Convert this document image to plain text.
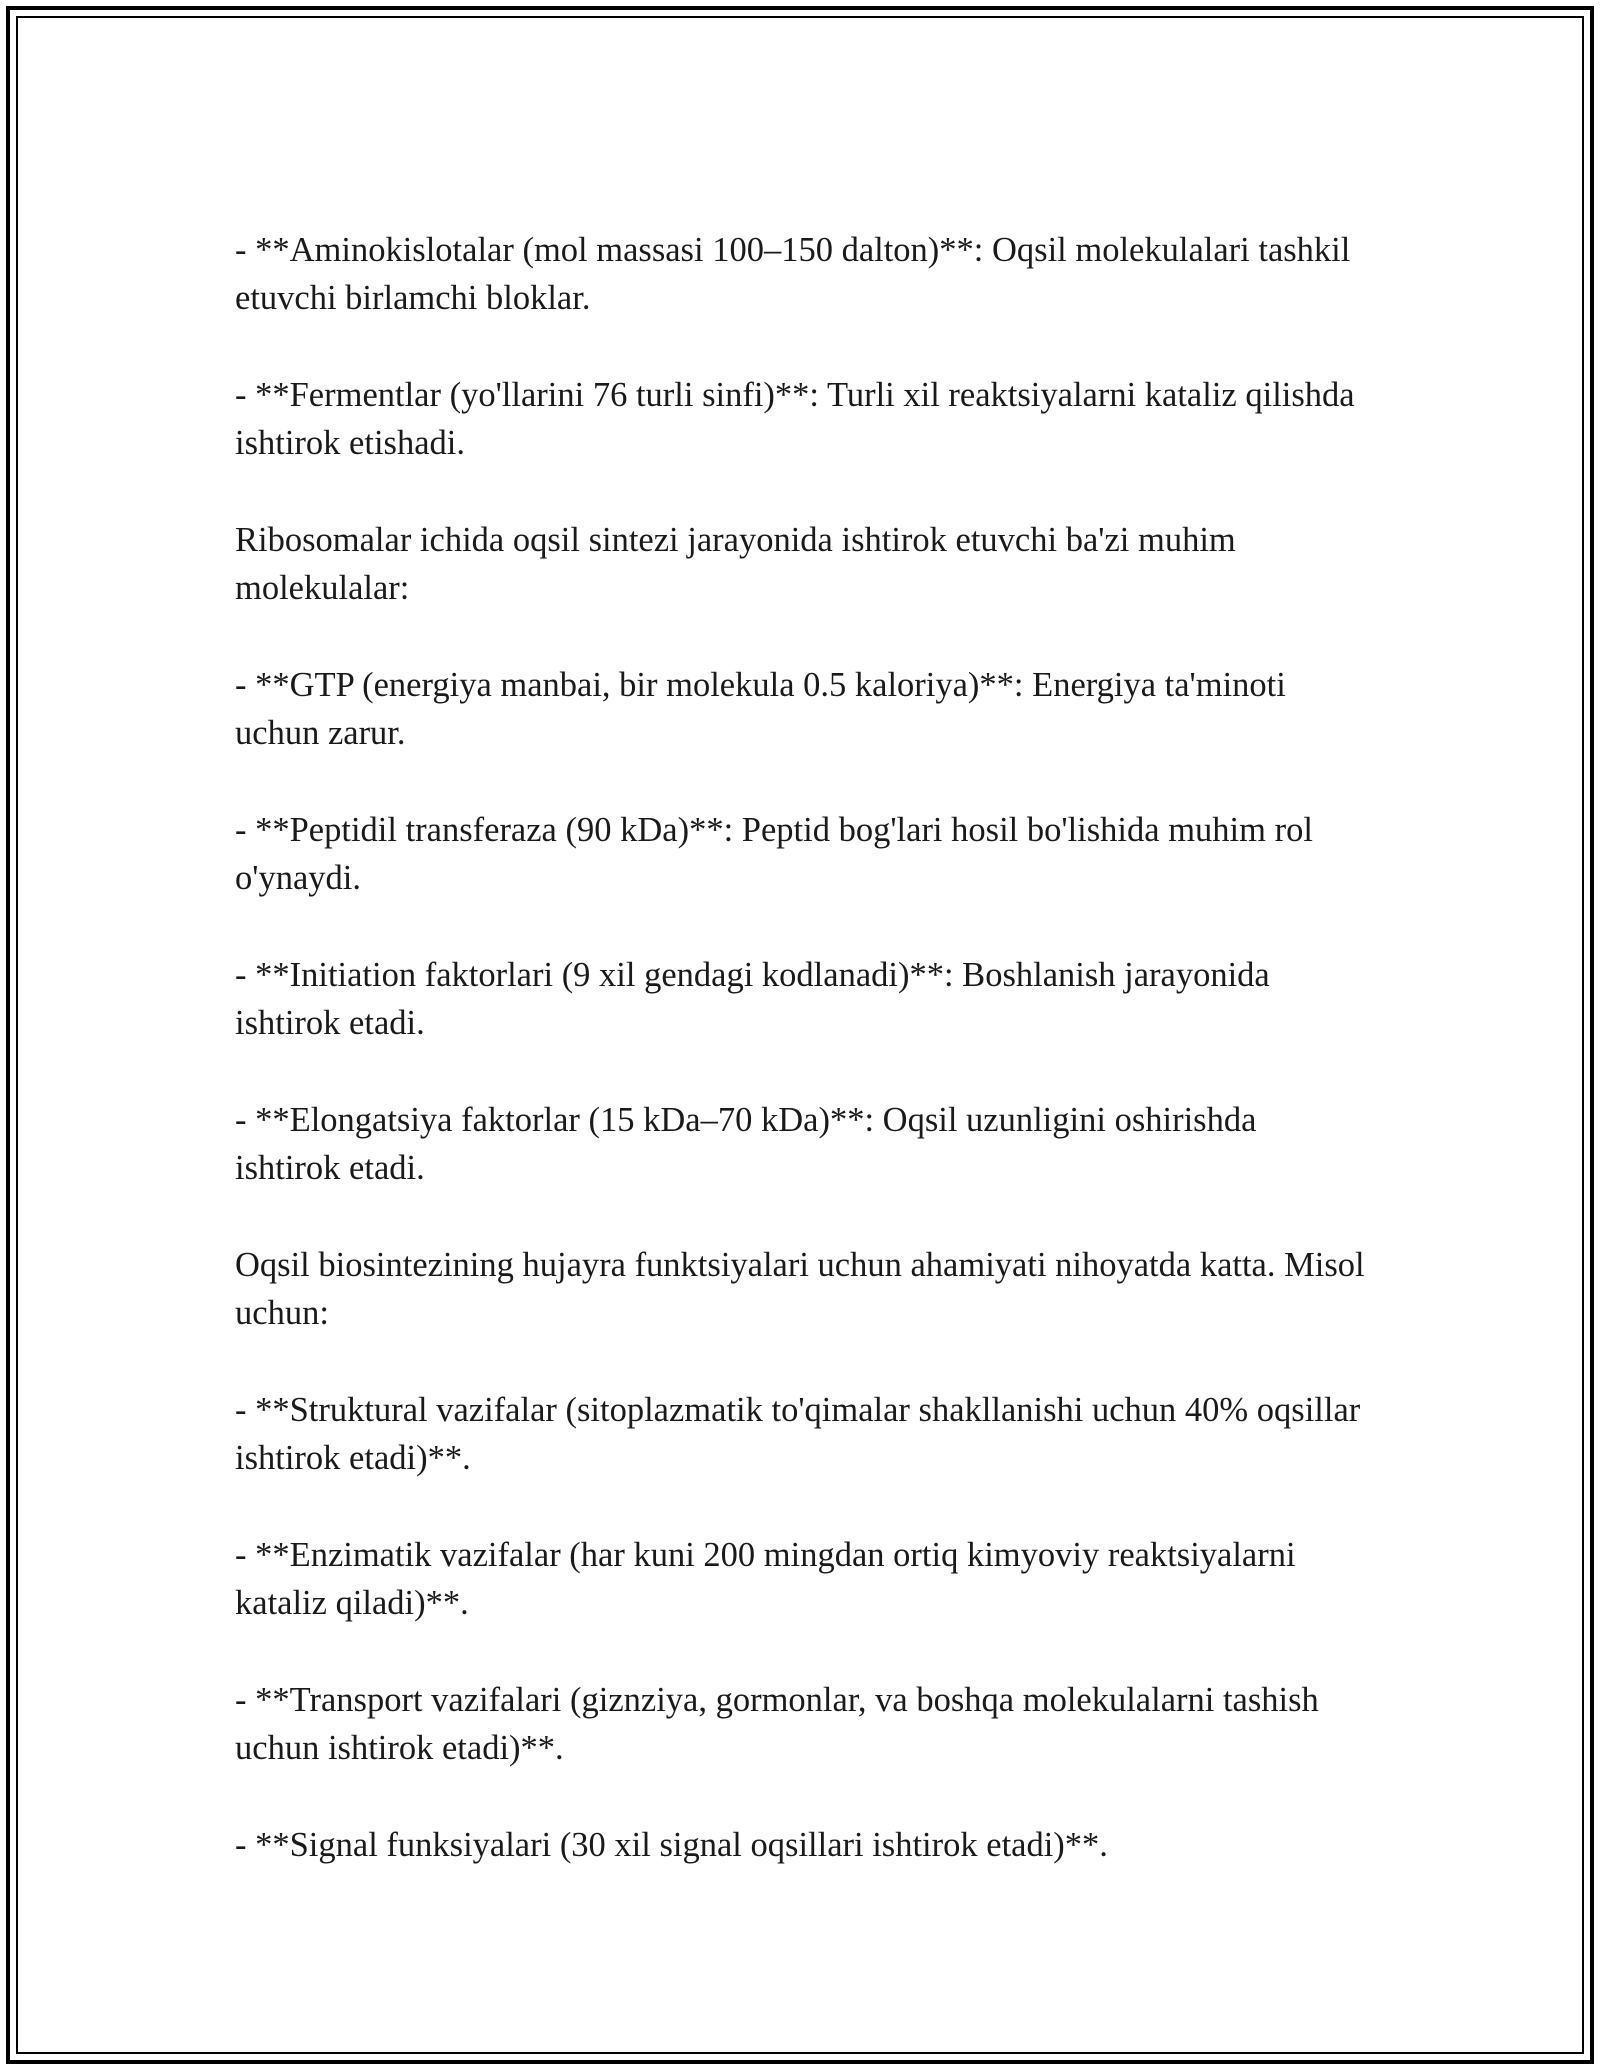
- **Aminokislotalar (mol massasi 100–150 dalton)**: Oqsil molekulalari tashkil etuvchi birlamchi bloklar.

- **Fermentlar (yo'llarini 76 turli sinfi)**: Turli xil reaktsiyalarni kataliz qilishda ishtirok etishadi.

Ribosomalar ichida oqsil sintezi jarayonida ishtirok etuvchi ba'zi muhim molekulalar:

- **GTP (energiya manbai, bir molekula 0.5 kaloriya)**: Energiya ta'minoti uchun zarur.

- **Peptidil transferaza (90 kDa)**: Peptid bog'lari hosil bo'lishida muhim rol o'ynaydi.

- **Initiation faktorlari (9 xil gendagi kodlanadi)**: Boshlanish jarayonida ishtirok etadi.

- **Elongatsiya faktorlar (15 kDa–70 kDa)**: Oqsil uzunligini oshirishda ishtirok etadi.

Oqsil biosintezining hujayra funktsiyalari uchun ahamiyati nihoyatda katta. Misol uchun:

- **Struktural vazifalar (sitoplazmatik to'qimalar shakllanishi uchun 40% oqsillar ishtirok etadi)**.

- **Enzimatik vazifalar (har kuni 200 mingdan ortiq kimyoviy reaktsiyalarni kataliz qiladi)**.

- **Transport vazifalari (giznziya, gormonlar, va boshqa molekulalarni tashish uchun ishtirok etadi)**.

- **Signal funksiyalari (30 xil signal oqsillari ishtirok etadi)**.
